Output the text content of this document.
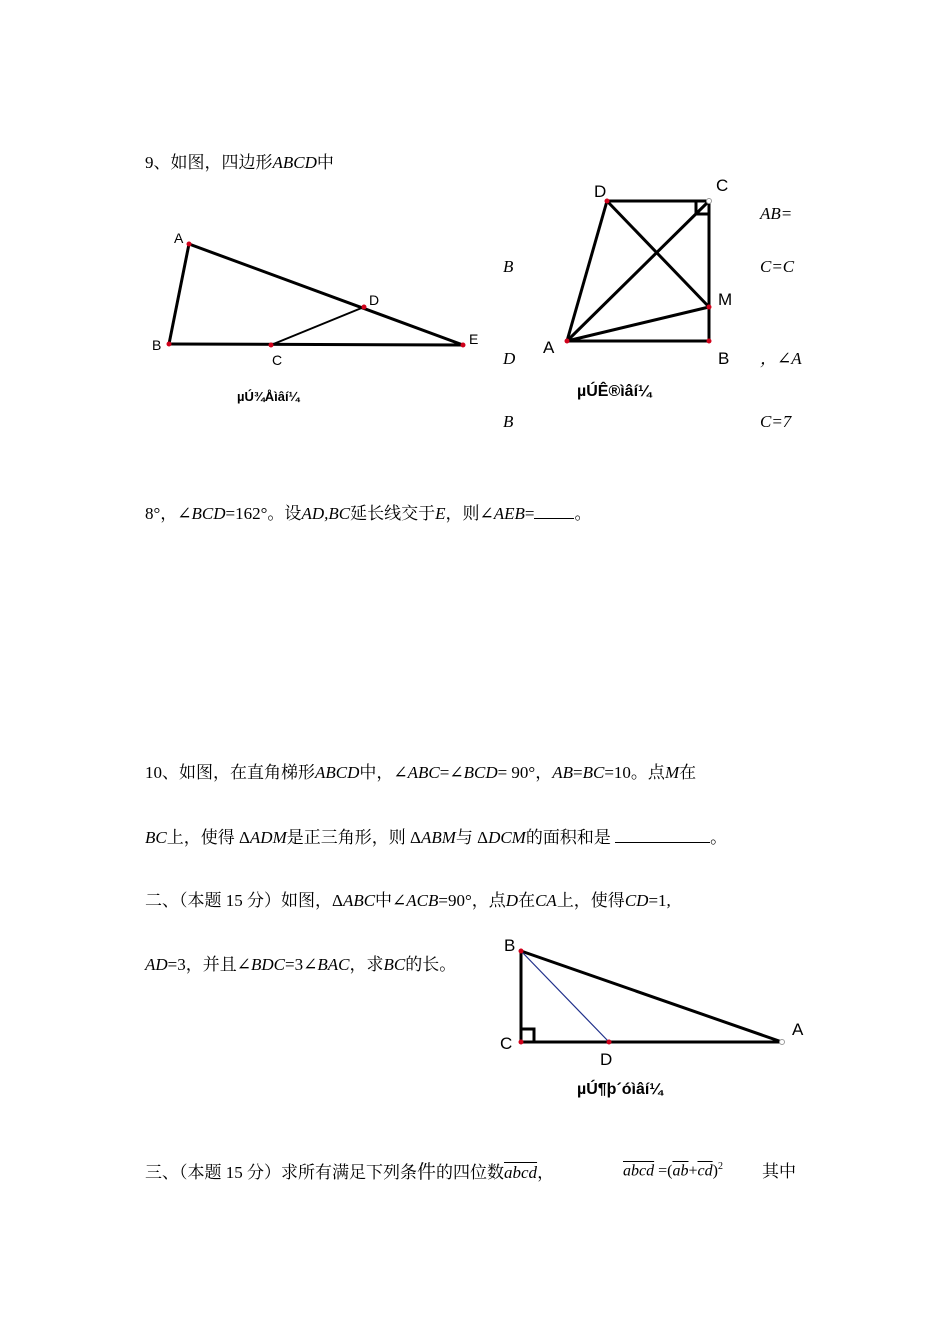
9、如图，四边形ABCD中
A
B
C
D
E
µÚ¾Åìâí¼
D	C
M
A
B
µÚÊ®ìâí¼
AB=
B	C=C
D	，∠A
B	C=7
8°，∠BCD=162°。设AD,BC延长线交于E，则∠AEB= 。
10、如图，在直角梯形ABCD中，∠ABC=∠BCD= 90°，AB=BC=10。点M在
BC上，使得 ΔADM是正三角形，则 ΔABM与 ΔDCM的面积和是	。
二、（本题 15 分）如图，ΔABC中∠ACB=90°，点D在CA上，使得CD=1,
AD=3，并且∠BDC=3∠BAC，求BC的长。
B
C
D
A
µÚ¶þ´óìâí¼
三、（本题 15 分）求所有满足下列条件的四位数abcd，	abcd $=(\overline{ab}+\overline{cd})^2$ 其中
